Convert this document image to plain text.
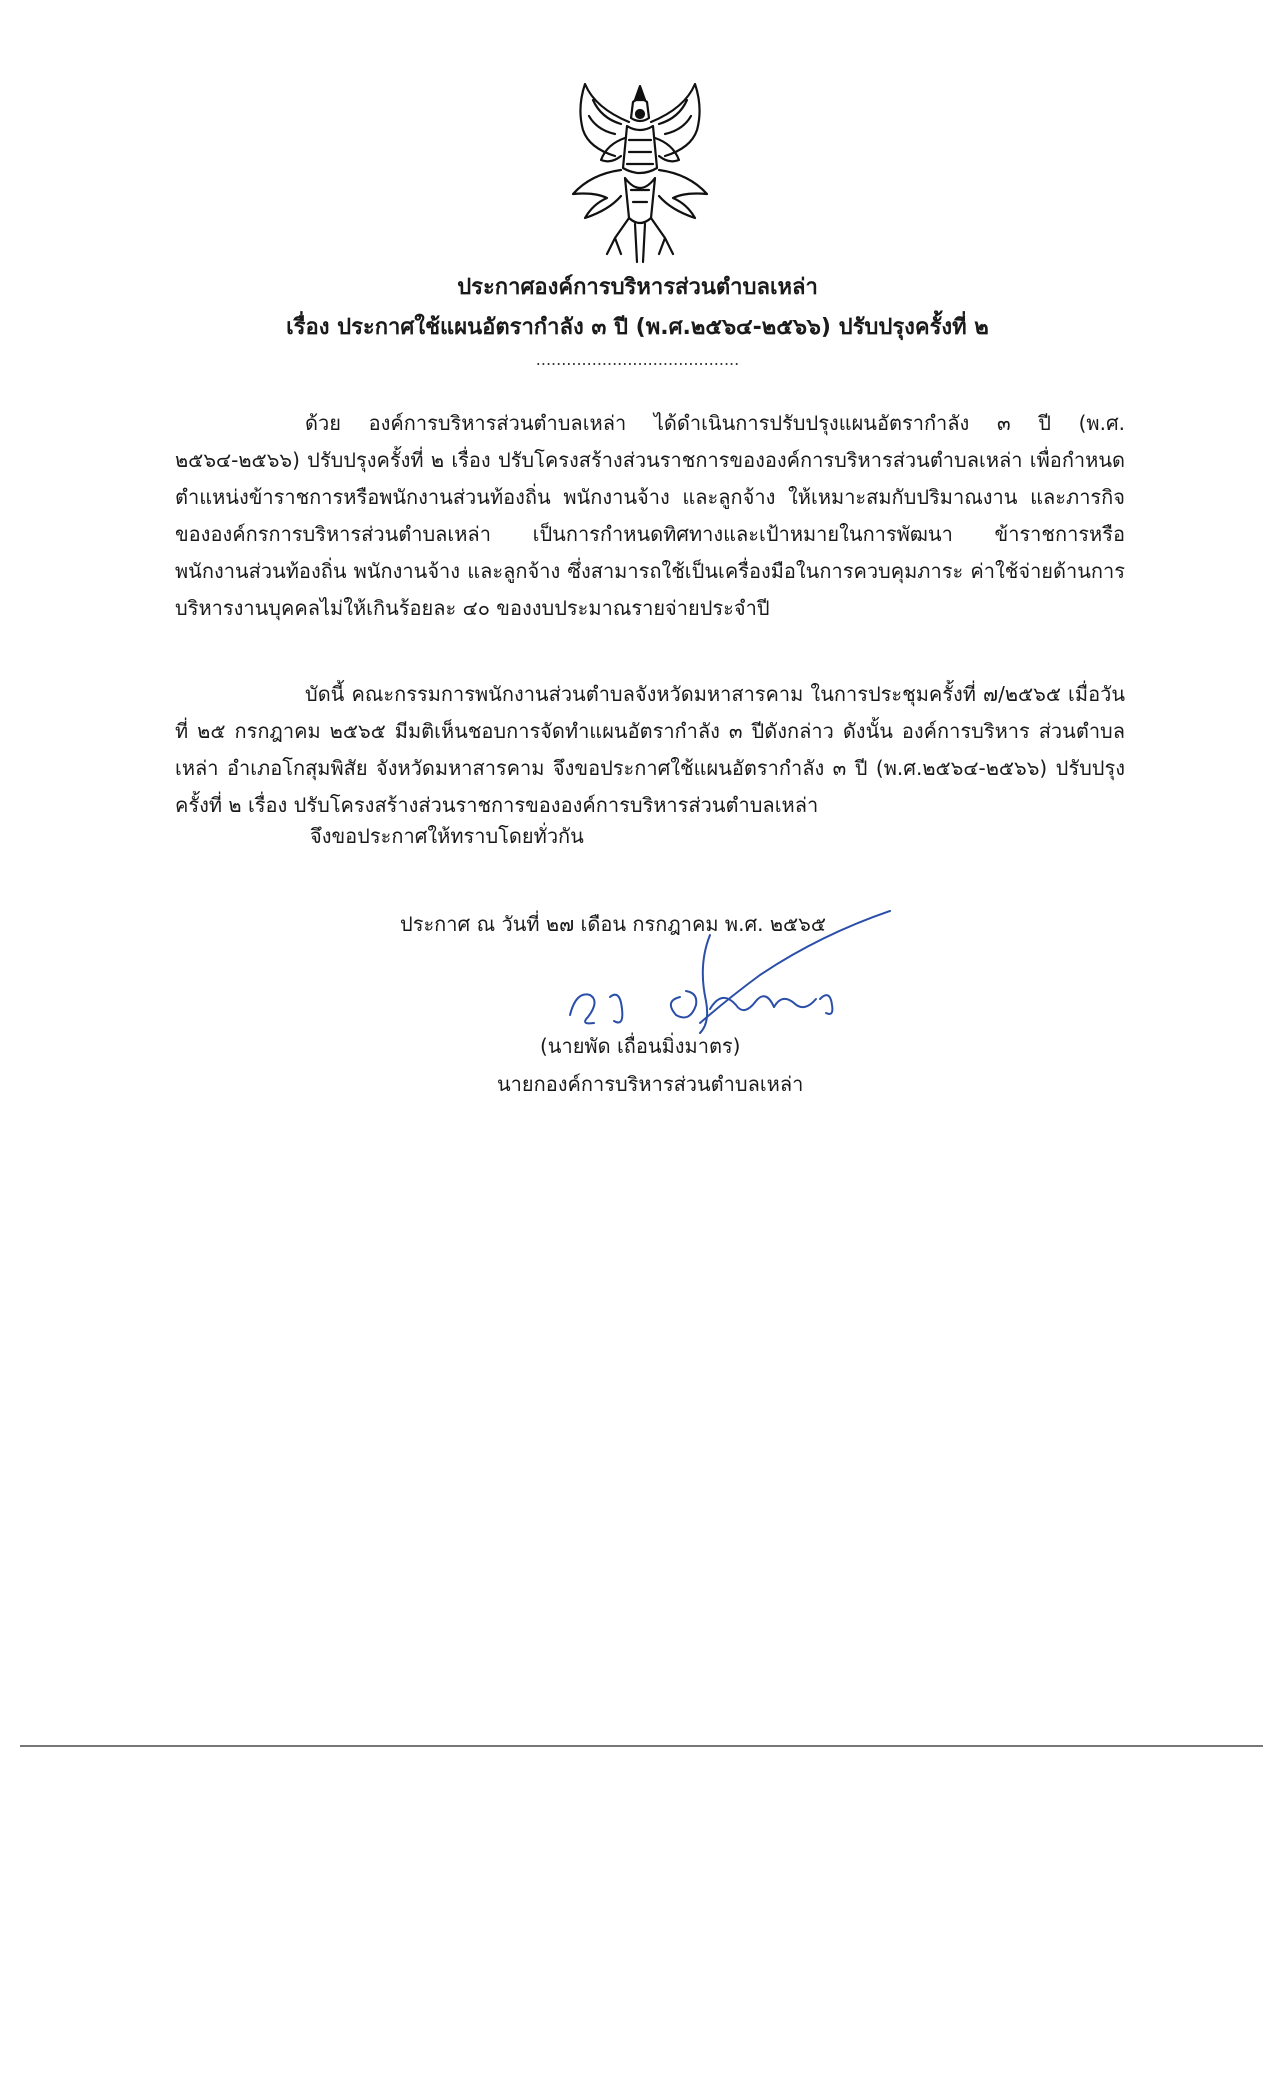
ประกาศองค์การบริหารส่วนตำบลเหล่า
เรื่อง ประกาศใช้แผนอัตรากำลัง ๓ ปี (พ.ศ.๒๕๖๔-๒๕๖๖) ปรับปรุงครั้งที่ ๒
........................................
ด้วย องค์การบริหารส่วนตำบลเหล่า ได้ดำเนินการปรับปรุงแผนอัตรากำลัง ๓ ปี (พ.ศ. ๒๕๖๔-๒๕๖๖) ปรับปรุงครั้งที่ ๒ เรื่อง ปรับโครงสร้างส่วนราชการขององค์การบริหารส่วนตำบลเหล่า เพื่อกำหนดตำแหน่งข้าราชการหรือพนักงานส่วนท้องถิ่น พนักงานจ้าง และลูกจ้าง ให้เหมาะสมกับปริมาณงาน และภารกิจขององค์กรการบริหารส่วนตำบลเหล่า เป็นการกำหนดทิศทางและเป้าหมายในการพัฒนา ข้าราชการหรือพนักงานส่วนท้องถิ่น พนักงานจ้าง และลูกจ้าง ซึ่งสามารถใช้เป็นเครื่องมือในการควบคุมภาระ ค่าใช้จ่ายด้านการบริหารงานบุคคลไม่ให้เกินร้อยละ ๔๐ ของงบประมาณรายจ่ายประจำปี
บัดนี้ คณะกรรมการพนักงานส่วนตำบลจังหวัดมหาสารคาม ในการประชุมครั้งที่ ๗/๒๕๖๕ เมื่อวันที่ ๒๕ กรกฎาคม ๒๕๖๕ มีมติเห็นชอบการจัดทำแผนอัตรากำลัง ๓ ปีดังกล่าว ดังนั้น องค์การบริหาร ส่วนตำบลเหล่า อำเภอโกสุมพิสัย จังหวัดมหาสารคาม จึงขอประกาศใช้แผนอัตรากำลัง ๓ ปี (พ.ศ.๒๕๖๔-๒๕๖๖) ปรับปรุงครั้งที่ ๒ เรื่อง ปรับโครงสร้างส่วนราชการขององค์การบริหารส่วนตำบลเหล่า
จึงขอประกาศให้ทราบโดยทั่วกัน
ประกาศ ณ วันที่ ๒๗ เดือน กรกฎาคม พ.ศ. ๒๕๖๕
(นายพัด เถื่อนมิ่งมาตร)
นายกองค์การบริหารส่วนตำบลเหล่า
